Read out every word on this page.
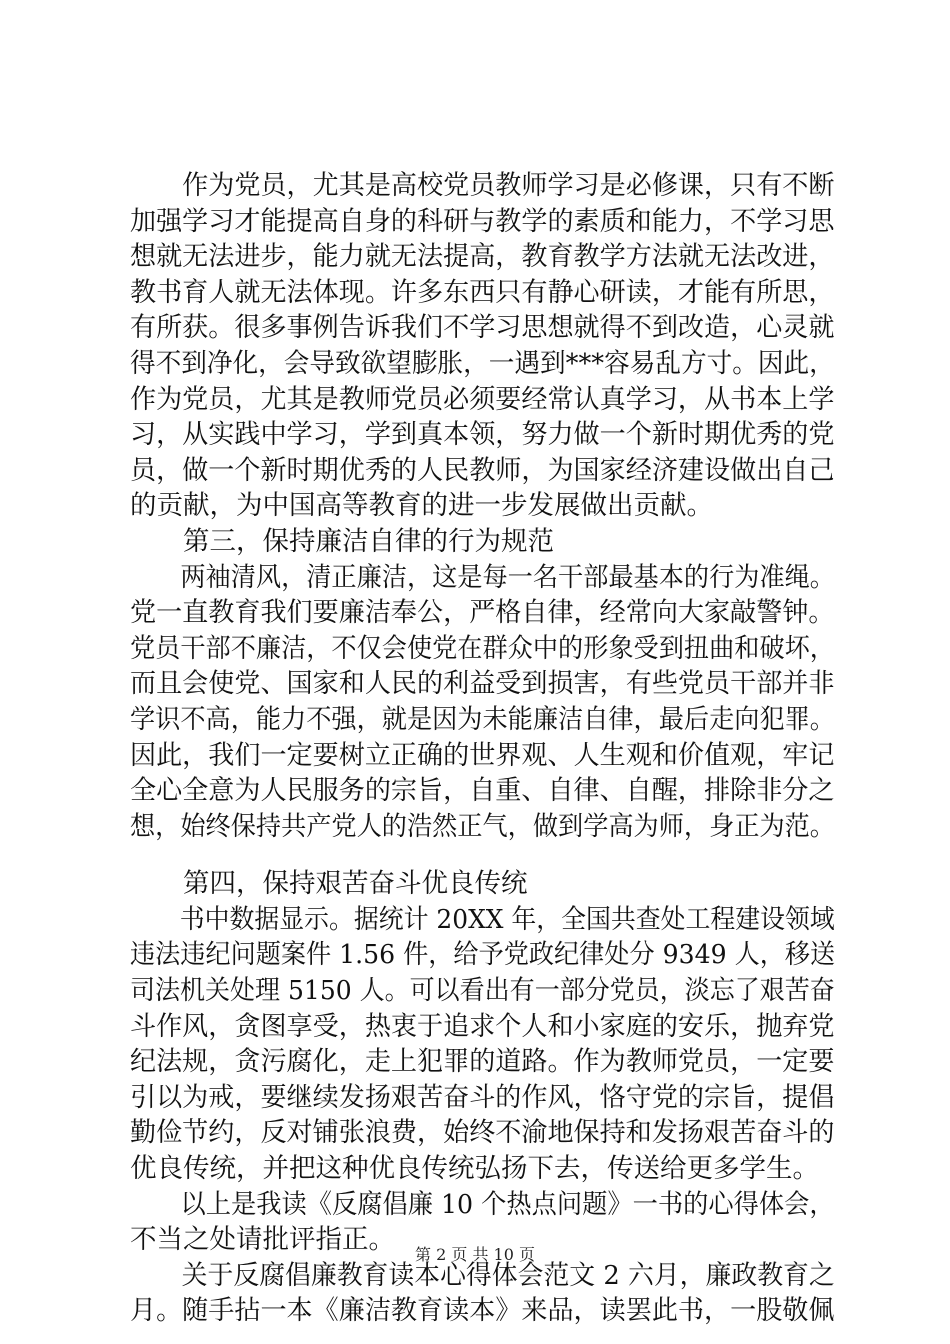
　　作为党员，尤其是高校党员教师学习是必修课，只有不断
加强学习才能提高自身的科研与教学的素质和能力，不学习思
想就无法进步，能力就无法提高，教育教学方法就无法改进，
教书育人就无法体现。许多东西只有静心研读，才能有所思，
有所获。很多事例告诉我们不学习思想就得不到改造，心灵就
得不到净化，会导致欲望膨胀，一遇到***容易乱方寸。因此，
作为党员，尤其是教师党员必须要经常认真学习，从书本上学
习，从实践中学习，学到真本领，努力做一个新时期优秀的党
员，做一个新时期优秀的人民教师，为国家经济建设做出自己
的贡献，为中国高等教育的进一步发展做出贡献。
　　第三，保持廉洁自律的行为规范
　　两袖清风，清正廉洁，这是每一名干部最基本的行为准绳。
党一直教育我们要廉洁奉公，严格自律，经常向大家敲警钟。
党员干部不廉洁，不仅会使党在群众中的形象受到扭曲和破坏，
而且会使党、国家和人民的利益受到损害，有些党员干部并非
学识不高，能力不强，就是因为未能廉洁自律，最后走向犯罪。
因此，我们一定要树立正确的世界观、人生观和价值观，牢记
全心全意为人民服务的宗旨，自重、自律、自醒，排除非分之
想，始终保持共产党人的浩然正气，做到学高为师，身正为范。
　　第四，保持艰苦奋斗优良传统
　　书中数据显示。据统计 20XX 年，全国共查处工程建设领域
违法违纪问题案件 1.56 件，给予党政纪律处分 9349 人，移送
司法机关处理 5150 人。可以看出有一部分党员，淡忘了艰苦奋
斗作风，贪图享受，热衷于追求个人和小家庭的安乐，抛弃党
纪法规，贪污腐化，走上犯罪的道路。作为教师党员，一定要
引以为戒，要继续发扬艰苦奋斗的作风，恪守党的宗旨，提倡
勤俭节约，反对铺张浪费，始终不渝地保持和发扬艰苦奋斗的
优良传统，并把这种优良传统弘扬下去，传送给更多学生。
　　以上是我读《反腐倡廉 10 个热点问题》一书的心得体会，
不当之处请批评指正。
　　关于反腐倡廉教育读本心得体会范文 2 六月，廉政教育之
月。随手拈一本《廉洁教育读本》来品，读罢此书，一股敬佩
第 2 页 共 10 页
